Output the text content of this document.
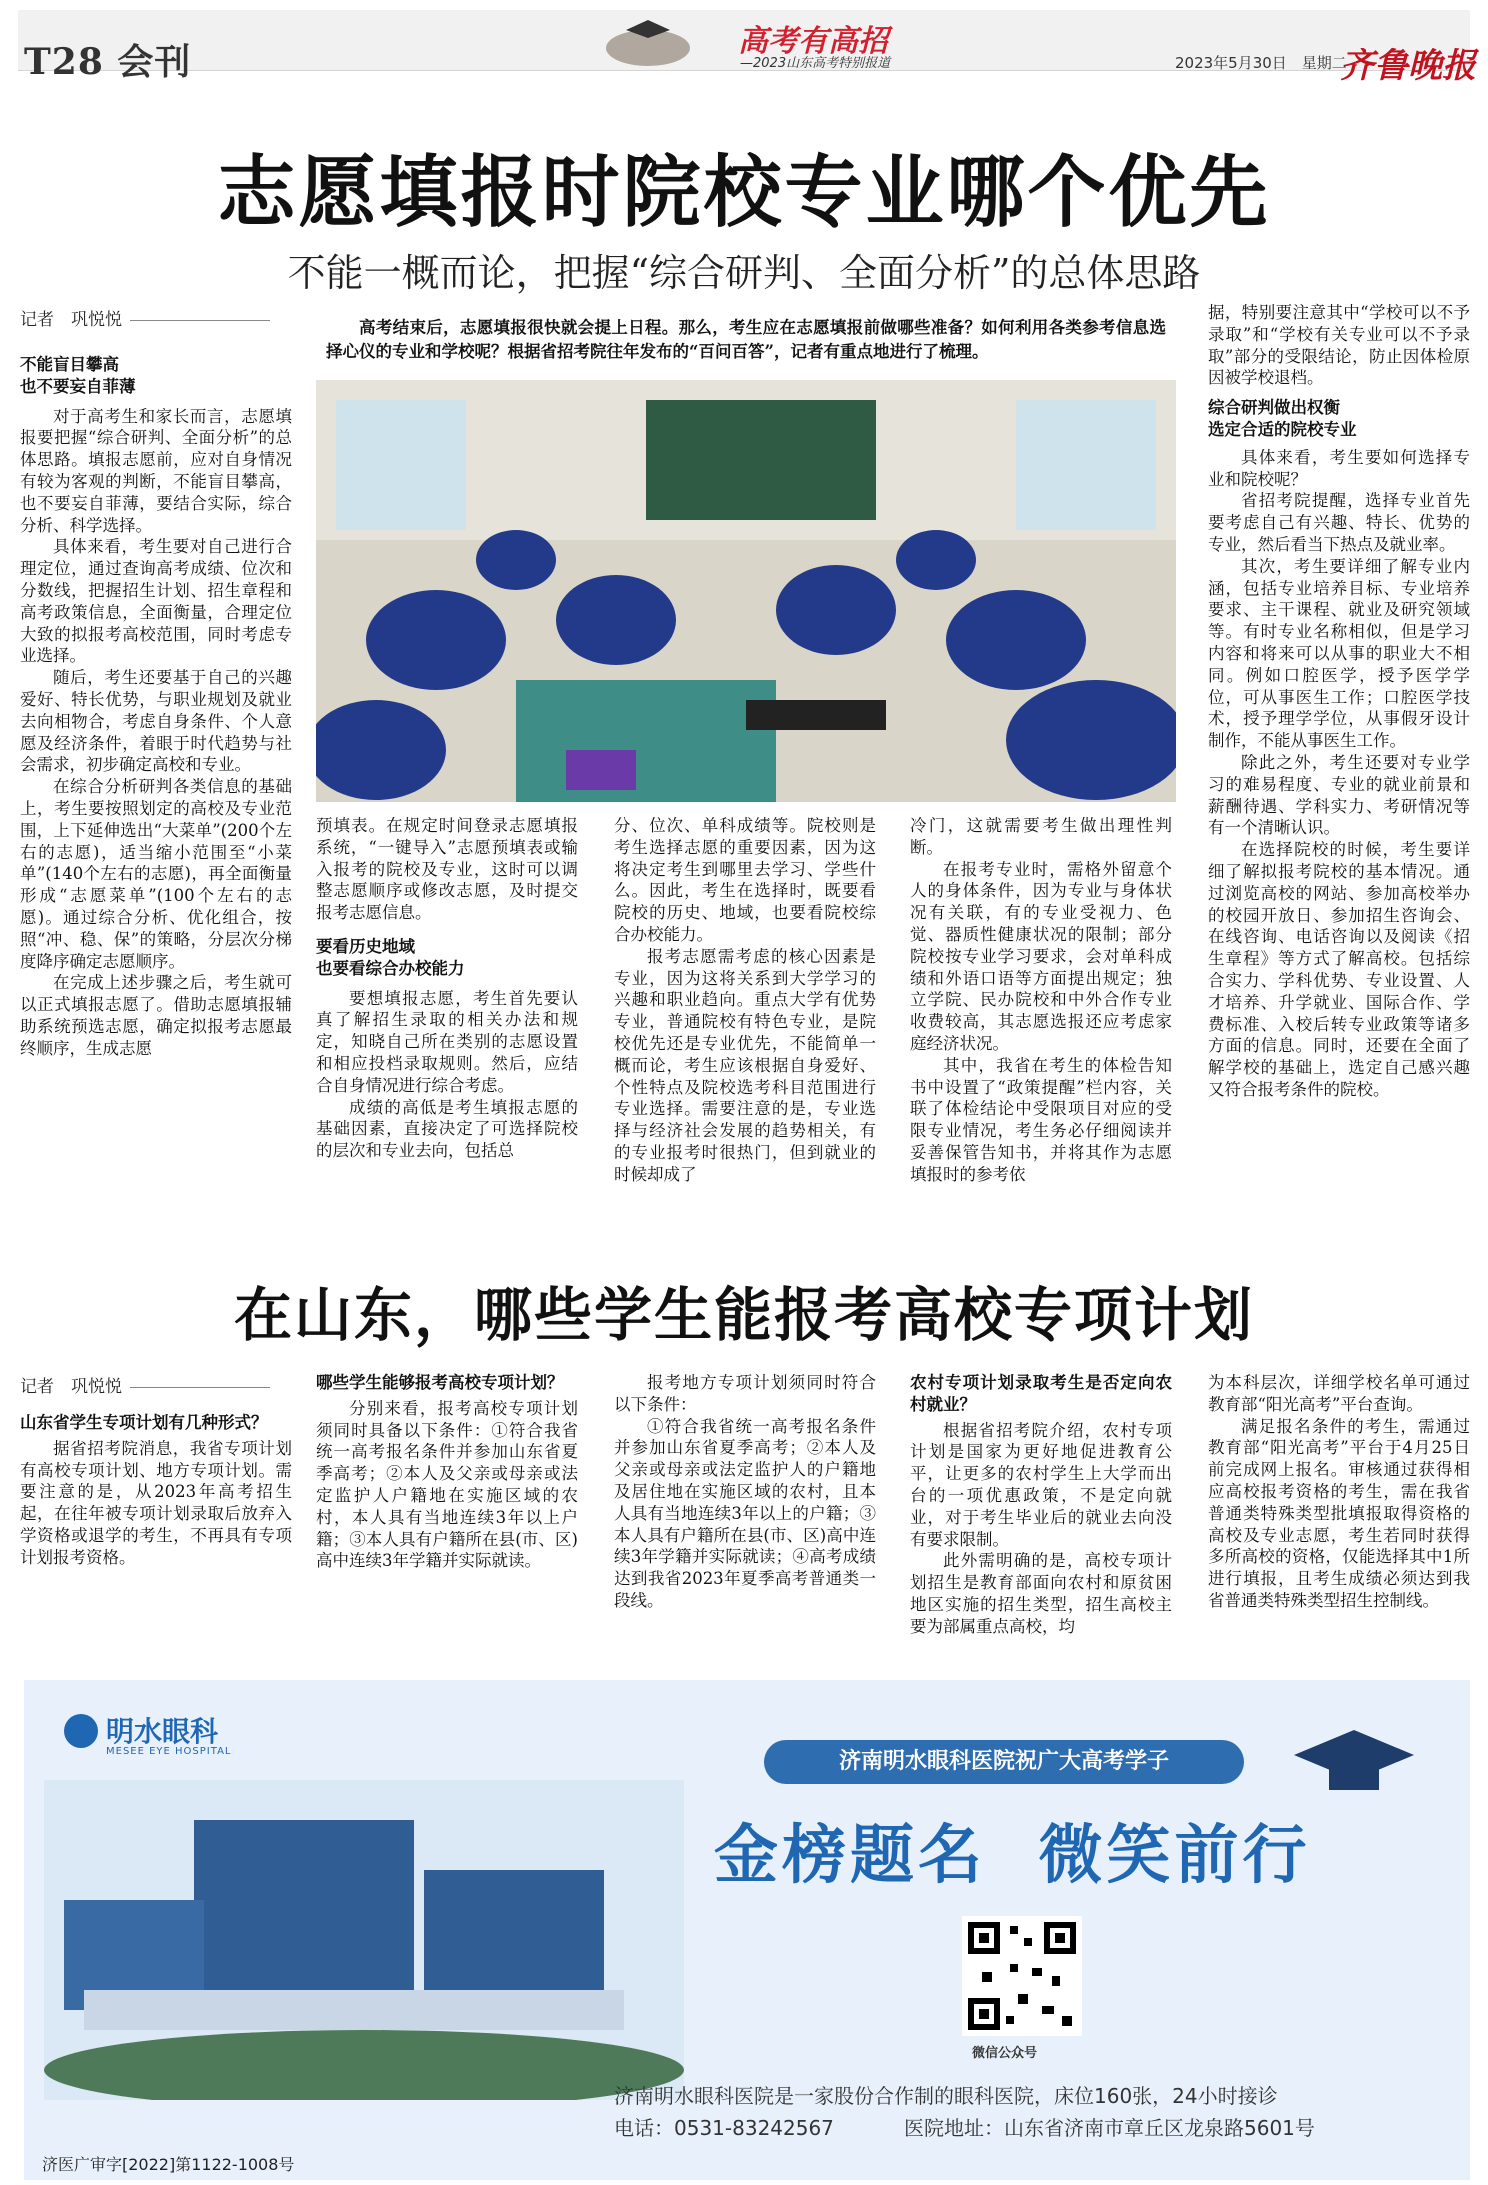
T28 会刊	高考有高招
—2023山东高考特别报道	2023年5月30日　星期二
齐鲁晚报
志愿填报时院校专业哪个优先
不能一概而论，把握“综合研判、全面分析”的总体思路
记者　巩悦悦	高考结束后，志愿填报很快就会提上日程。那么，考生应在志愿填报前做哪些准备？如何利用各类参考信息选择心仪的专业和学校呢？根据省招考院往年发布的“百问百答”，记者有重点地进行了梳理。

不能盲目攀高

也不要妄自菲薄

对于高考生和家长而言，志愿填报要把握“综合研判、全面分析”的总体思路。填报志愿前，应对自身情况有较为客观的判断，不能盲目攀高，也不要妄自菲薄，要结合实际，综合分析、科学选择。

具体来看，考生要对自己进行合理定位，通过查询高考成绩、位次和分数线，把握招生计划、招生章程和高考政策信息，全面衡量，合理定位大致的拟报考高校范围，同时考虑专业选择。

随后，考生还要基于自己的兴趣爱好、特长优势，与职业规划及就业去向相物合，考虑自身条件、个人意愿及经济条件，着眼于时代趋势与社会需求，初步确定高校和专业。

在综合分析研判各类信息的基础上，考生要按照划定的高校及专业范围，上下延伸选出“大菜单”(200个左右的志愿)，适当缩小范围至“小菜单”(140个左右的志愿)，再全面衡量形成“志愿菜单”(100个左右的志愿)。通过综合分析、优化组合，按照“冲、稳、保”的策略，分层次分梯度降序确定志愿顺序。

在完成上述步骤之后，考生就可以正式填报志愿了。借助志愿填报辅助系统预选志愿，确定拟报考志愿最终顺序，生成志愿

预填表。在规定时间登录志愿填报系统，“一键导入”志愿预填表或输入报考的院校及专业，这时可以调整志愿顺序或修改志愿，及时提交报考志愿信息。

要看历史地域

也要看综合办校能力

要想填报志愿，考生首先要认真了解招生录取的相关办法和规定，知晓自己所在类别的志愿设置和相应投档录取规则。然后，应结合自身情况进行综合考虑。

成绩的高低是考生填报志愿的基础因素，直接决定了可选择院校的层次和专业去向，包括总

分、位次、单科成绩等。院校则是考生选择志愿的重要因素，因为这将决定考生到哪里去学习、学些什么。因此，考生在选择时，既要看院校的历史、地域，也要看院校综合办校能力。

报考志愿需考虑的核心因素是专业，因为这将关系到大学学习的兴趣和职业趋向。重点大学有优势专业，普通院校有特色专业，是院校优先还是专业优先，不能简单一概而论，考生应该根据自身爱好、个性特点及院校选考科目范围进行专业选择。需要注意的是，专业选择与经济社会发展的趋势相关，有的专业报考时很热门，但到就业的时候却成了

冷门，这就需要考生做出理性判断。

在报考专业时，需格外留意个人的身体条件，因为专业与身体状况有关联，有的专业受视力、色觉、器质性健康状况的限制；部分院校按专业学习要求，会对单科成绩和外语口语等方面提出规定；独立学院、民办院校和中外合作专业收费较高，其志愿选报还应考虑家庭经济状况。

其中，我省在考生的体检告知书中设置了“政策提醒”栏内容，关联了体检结论中受限项目对应的受限专业情况，考生务必仔细阅读并妥善保管告知书，并将其作为志愿填报时的参考依

据，特别要注意其中“学校可以不予录取”和“学校有关专业可以不予录取”部分的受限结论，防止因体检原因被学校退档。

综合研判做出权衡

选定合适的院校专业

具体来看，考生要如何选择专业和院校呢？

省招考院提醒，选择专业首先要考虑自己有兴趣、特长、优势的专业，然后看当下热点及就业率。

其次，考生要详细了解专业内涵，包括专业培养目标、专业培养要求、主干课程、就业及研究领域等。有时专业名称相似，但是学习内容和将来可以从事的职业大不相同。例如口腔医学，授予医学学位，可从事医生工作；口腔医学技术，授予理学学位，从事假牙设计制作，不能从事医生工作。

除此之外，考生还要对专业学习的难易程度、专业的就业前景和薪酬待遇、学科实力、考研情况等有一个清晰认识。

在选择院校的时候，考生要详细了解拟报考院校的基本情况。通过浏览高校的网站、参加高校举办的校园开放日、参加招生咨询会、在线咨询、电话咨询以及阅读《招生章程》等方式了解高校。包括综合实力、学科优势、专业设置、人才培养、升学就业、国际合作、学费标准、入校后转专业政策等诸多方面的信息。同时，还要在全面了解学校的基础上，选定自己感兴趣又符合报考条件的院校。

在山东，哪些学生能报考高校专项计划
记者　巩悦悦

山东省学生专项计划有几种形式？

据省招考院消息，我省专项计划有高校专项计划、地方专项计划。需要注意的是，从2023年高考招生起，在往年被专项计划录取后放弃入学资格或退学的考生，不再具有专项计划报考资格。

哪些学生能够报考高校专项计划？

分别来看，报考高校专项计划须同时具备以下条件：①符合我省统一高考报名条件并参加山东省夏季高考；②本人及父亲或母亲或法定监护人户籍地在实施区域的农村，本人具有当地连续3年以上户籍；③本人具有户籍所在县(市、区)高中连续3年学籍并实际就读。

报考地方专项计划须同时符合以下条件：

①符合我省统一高考报名条件并参加山东省夏季高考；②本人及父亲或母亲或法定监护人的户籍地及居住地在实施区域的农村，且本人具有当地连续3年以上的户籍；③本人具有户籍所在县(市、区)高中连续3年学籍并实际就读；④高考成绩达到我省2023年夏季高考普通类一段线。

农村专项计划录取考生是否定向农村就业？

根据省招考院介绍，农村专项计划是国家为更好地促进教育公平，让更多的农村学生上大学而出台的一项优惠政策，不是定向就业，对于考生毕业后的就业去向没有要求限制。

此外需明确的是，高校专项计划招生是教育部面向农村和原贫困地区实施的招生类型，招生高校主要为部属重点高校，均

为本科层次，详细学校名单可通过教育部“阳光高考”平台查询。

满足报名条件的考生，需通过教育部“阳光高考”平台于4月25日前完成网上报名。审核通过获得相应高校报考资格的考生，需在我省普通类特殊类型批填报取得资格的高校及专业志愿，考生若同时获得多所高校的资格，仅能选择其中1所进行填报，且考生成绩必须达到我省普通类特殊类型招生控制线。

明水眼科
MESEE EYE HOSPITAL	济南明水眼科医院祝广大高考学子
金榜题名  微笑前行
微信公众号
济南明水眼科医院是一家股份合作制的眼科医院，床位160张，24小时接诊
电话：0531-83242567	医院地址：山东省济南市章丘区龙泉路5601号
济医广审字[2022]第1122-1008号
